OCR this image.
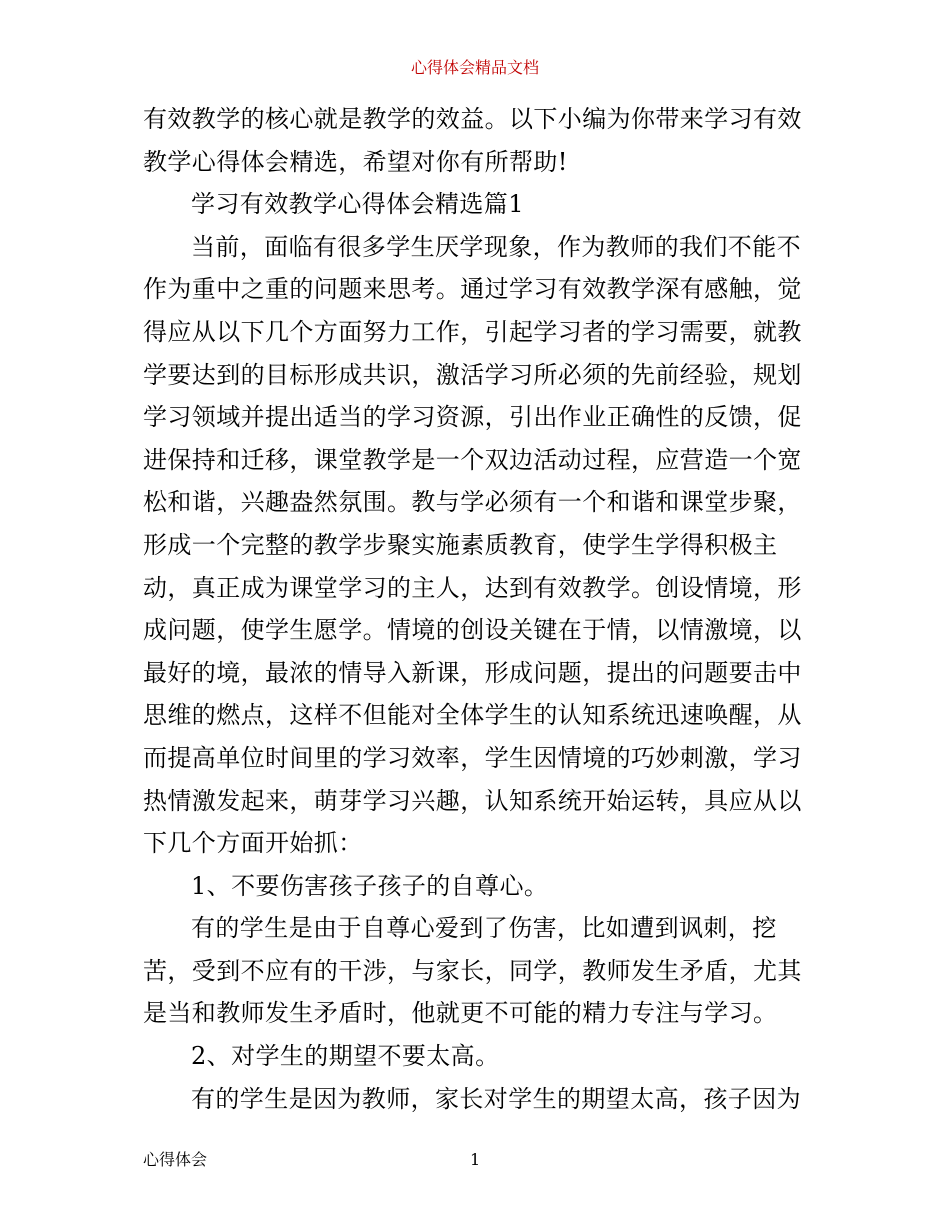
心得体会精品文档
有效教学的核心就是教学的效益。以下小编为你带来学习有效
教学心得体会精选，希望对你有所帮助!
学习有效教学心得体会精选篇1
当前，面临有很多学生厌学现象，作为教师的我们不能不
作为重中之重的问题来思考。通过学习有效教学深有感触，觉
得应从以下几个方面努力工作，引起学习者的学习需要，就教
学要达到的目标形成共识，激活学习所必须的先前经验，规划
学习领域并提出适当的学习资源，引出作业正确性的反馈，促
进保持和迁移，课堂教学是一个双边活动过程，应营造一个宽
松和谐，兴趣盎然氛围。教与学必须有一个和谐和课堂步聚，
形成一个完整的教学步聚实施素质教育，使学生学得积极主
动，真正成为课堂学习的主人，达到有效教学。创设情境，形
成问题，使学生愿学。情境的创设关键在于情，以情激境，以
最好的境，最浓的情导入新课，形成问题，提出的问题要击中
思维的燃点，这样不但能对全体学生的认知系统迅速唤醒，从
而提高单位时间里的学习效率，学生因情境的巧妙刺激，学习
热情激发起来，萌芽学习兴趣，认知系统开始运转，具应从以
下几个方面开始抓：
1、不要伤害孩子孩子的自尊心。
有的学生是由于自尊心爱到了伤害，比如遭到讽刺，挖
苦，受到不应有的干涉，与家长，同学，教师发生矛盾，尤其
是当和教师发生矛盾时，他就更不可能的精力专注与学习。
2、对学生的期望不要太高。
有的学生是因为教师，家长对学生的期望太高，孩子因为
心得体会	1
